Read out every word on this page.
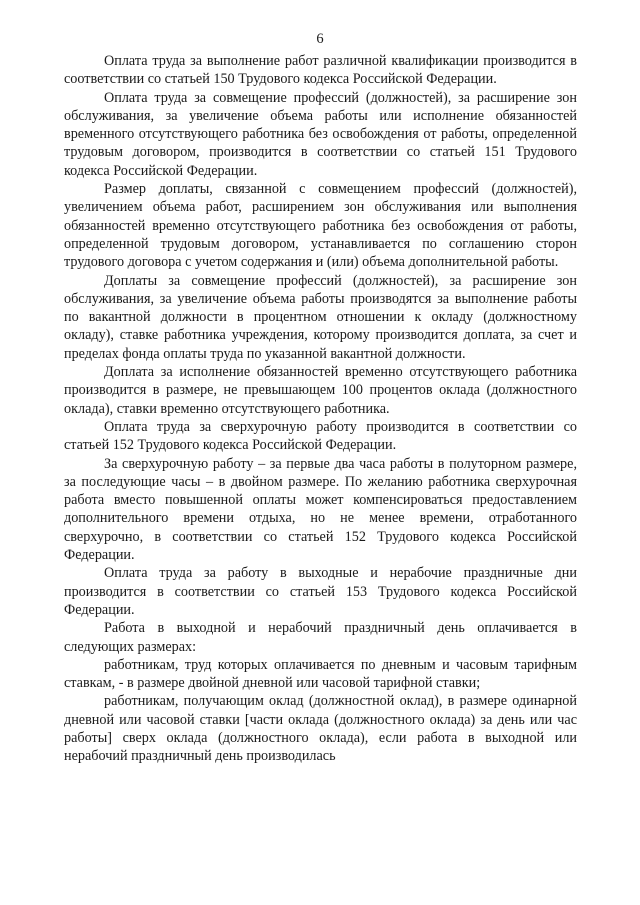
6

Оплата труда за выполнение работ различной квалификации производится в соответствии со статьей 150 Трудового кодекса Российской Федерации.

Оплата труда за совмещение профессий (должностей), за расширение зон обслуживания, за увеличение объема работы или исполнение обязанностей временного отсутствующего работника без освобождения от работы, определенной трудовым договором, производится в соответствии со статьей 151 Трудового кодекса Российской Федерации.

Размер доплаты, связанной с совмещением профессий (должностей), увеличением объема работ, расширением зон обслуживания или выполнения обязанностей временно отсутствующего работника без освобождения от работы, определенной трудовым договором, устанавливается по соглашению сторон трудового договора с учетом содержания и (или) объема дополнительной работы.

Доплаты за совмещение профессий (должностей), за расширение зон обслуживания, за увеличение объема работы производятся за выполнение работы по вакантной должности в процентном отношении к окладу (должностному окладу), ставке работника учреждения, которому производится доплата, за счет и пределах фонда оплаты труда по указанной вакантной должности.

Доплата за исполнение обязанностей временно отсутствующего работника производится в размере, не превышающем 100 процентов оклада (должностного оклада), ставки временно отсутствующего работника.

Оплата труда за сверхурочную работу производится в соответствии со статьей 152 Трудового кодекса Российской Федерации.

За сверхурочную работу – за первые два часа работы в полуторном размере, за последующие часы – в двойном размере. По желанию работника сверхурочная работа вместо повышенной оплаты может компенсироваться предоставлением дополнительного времени отдыха, но не менее времени, отработанного сверхурочно, в соответствии со статьей 152 Трудового кодекса Российской Федерации.

Оплата труда за работу в выходные и нерабочие праздничные дни производится в соответствии со статьей 153 Трудового кодекса Российской Федерации.

Работа в выходной и нерабочий праздничный день оплачивается в следующих размерах:

работникам, труд которых оплачивается по дневным и часовым тарифным ставкам, - в размере двойной дневной или часовой тарифной ставки;

работникам, получающим оклад (должностной оклад), в размере одинарной дневной или часовой ставки [части оклада (должностного оклада) за день или час работы] сверх оклада (должностного оклада), если работа в выходной или нерабочий праздничный день производилась
